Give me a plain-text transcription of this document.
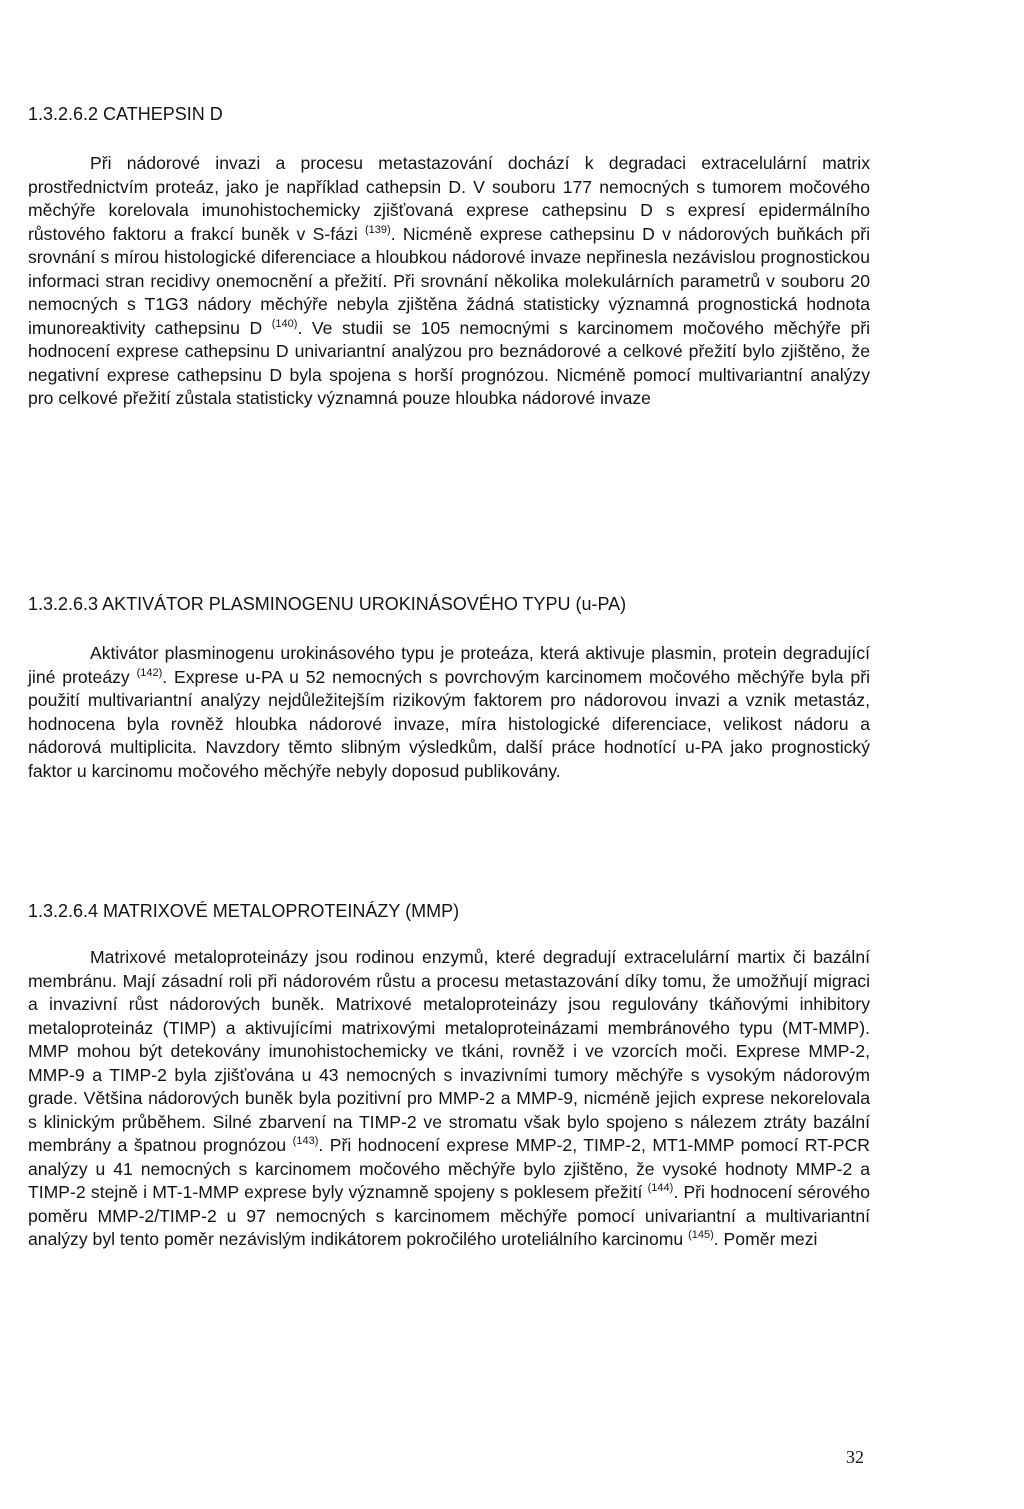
1.3.2.6.2 CATHEPSIN D

Při nádorové invazi a procesu metastazování dochází k degradaci extracelulární matrix prostřednictvím proteáz, jako je například cathepsin D. V souboru 177 nemocných s tumorem močového měchýře korelovala imunohistochemicky zjišťovaná exprese cathepsinu D s expresí epidermálního růstového faktoru a frakcí buněk v S-fázi $^{(139)}$. Nicméně exprese cathepsinu D v nádorových buňkách při srovnání s mírou histologické diferenciace a hloubkou nádorové invaze nepřinesla nezávislou prognostickou informaci stran recidivy onemocnění a přežití. Při srovnání několika molekulárních parametrů v souboru 20 nemocných s T1G3 nádory měchýře nebyla zjištěna žádná statisticky významná prognostická hodnota imunoreaktivity cathepsinu D $^{(140)}$. Ve studii se 105 nemocnými s karcinomem močového měchýře při hodnocení exprese cathepsinu D univariantní analýzou pro beznádorové a celkové přežití bylo zjištěno, že negativní exprese cathepsinu D byla spojena s horší prognózou. Nicméně pomocí multivariantní analýzy pro celkové přežití zůstala statisticky významná pouze hloubka nádorové invaze

1.3.2.6.3 AKTIVÁTOR PLASMINOGENU UROKINÁSOVÉHO TYPU (u-PA)

Aktivátor plasminogenu urokinásového typu je proteáza, která aktivuje plasmin, protein degradující jiné proteázy $^{(142)}$. Exprese u-PA u 52 nemocných s povrchovým karcinomem močového měchýře byla při použití multivariantní analýzy nejdůležitejším rizikovým faktorem pro nádorovou invazi a vznik metastáz, hodnocena byla rovněž hloubka nádorové invaze, míra histologické diferenciace, velikost nádoru a nádorová multiplicita. Navzdory těmto slibným výsledkům, další práce hodnotící u-PA jako prognostický faktor u karcinomu močového měchýře nebyly doposud publikovány.

1.3.2.6.4 MATRIXOVÉ METALOPROTEINÁZY (MMP)

Matrixové metaloproteinázy jsou rodinou enzymů, které degradují extracelulární martix či bazální membránu. Mají zásadní roli při nádorovém růstu a procesu metastazování díky tomu, že umožňují migraci a invazivní růst nádorových buněk. Matrixové metaloproteinázy jsou regulovány tkáňovými inhibitory metaloproteináz (TIMP) a aktivujícími matrixovými metaloproteinázami membránového typu (MT-MMP). MMP mohou být detekovány imunohistochemicky ve tkáni, rovněž i ve vzorcích moči. Exprese MMP-2, MMP-9 a TIMP-2 byla zjišťována u 43 nemocných s invazivními tumory měchýře s vysokým nádorovým grade. Většina nádorových buněk byla pozitivní pro MMP-2 a MMP-9, nicméně jejich exprese nekorelovala s klinickým průběhem. Silné zbarvení na TIMP-2 ve stromatu však bylo spojeno s nálezem ztráty bazální membrány a špatnou prognózou $^{(143)}$. Při hodnocení exprese MMP-2, TIMP-2, MT1-MMP pomocí RT-PCR analýzy u 41 nemocných s karcinomem močového měchýře bylo zjištěno, že vysoké hodnoty MMP-2 a TIMP-2 stejně i MT-1-MMP exprese byly významně spojeny s poklesem přežití $^{(144)}$. Při hodnocení sérového poměru MMP-2/TIMP-2 u 97 nemocných s karcinomem měchýře pomocí univariantní a multivariantní analýzy byl tento poměr nezávislým indikátorem pokročilého uroteliálního karcinomu $^{(145)}$. Poměr mezi

32
